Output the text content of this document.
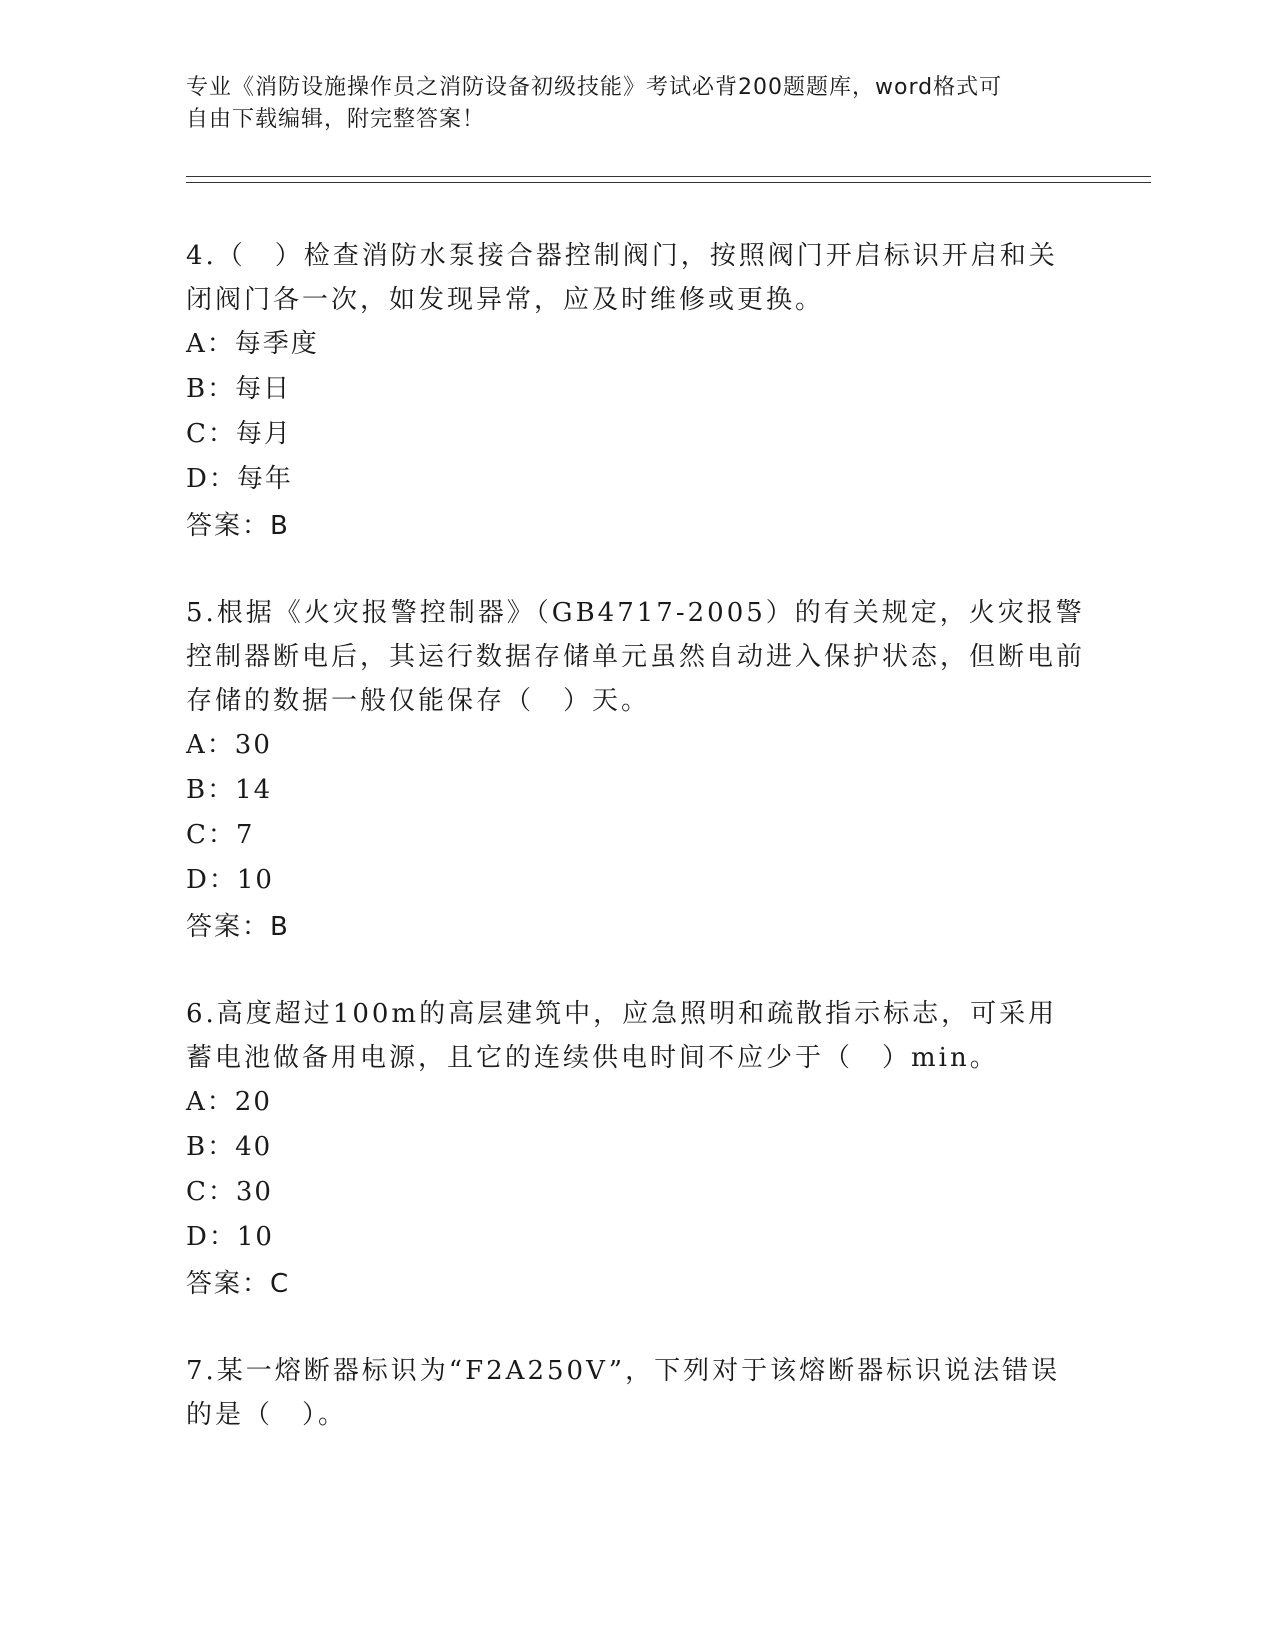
专业《消防设施操作员之消防设备初级技能》考试必背200题题库，word格式可
自由下载编辑，附完整答案！

4.（　）检查消防水泵接合器控制阀门，按照阀门开启标识开启和关闭阀门各一次，如发现异常，应及时维修或更换。

A：每季度
B：每日
C：每月
D：每年
答案：B

5.根据《火灾报警控制器》（GB4717-2005）的有关规定，火灾报警控制器断电后，其运行数据存储单元虽然自动进入保护状态，但断电前存储的数据一般仅能保存（　）天。

A：30
B：14
C：7
D：10
答案：B

6.高度超过100m的高层建筑中，应急照明和疏散指示标志，可采用蓄电池做备用电源，且它的连续供电时间不应少于（　）min。

A：20
B：40
C：30
D：10
答案：C

7.某一熔断器标识为“F2A250V”，下列对于该熔断器标识说法错误的是（　）。
